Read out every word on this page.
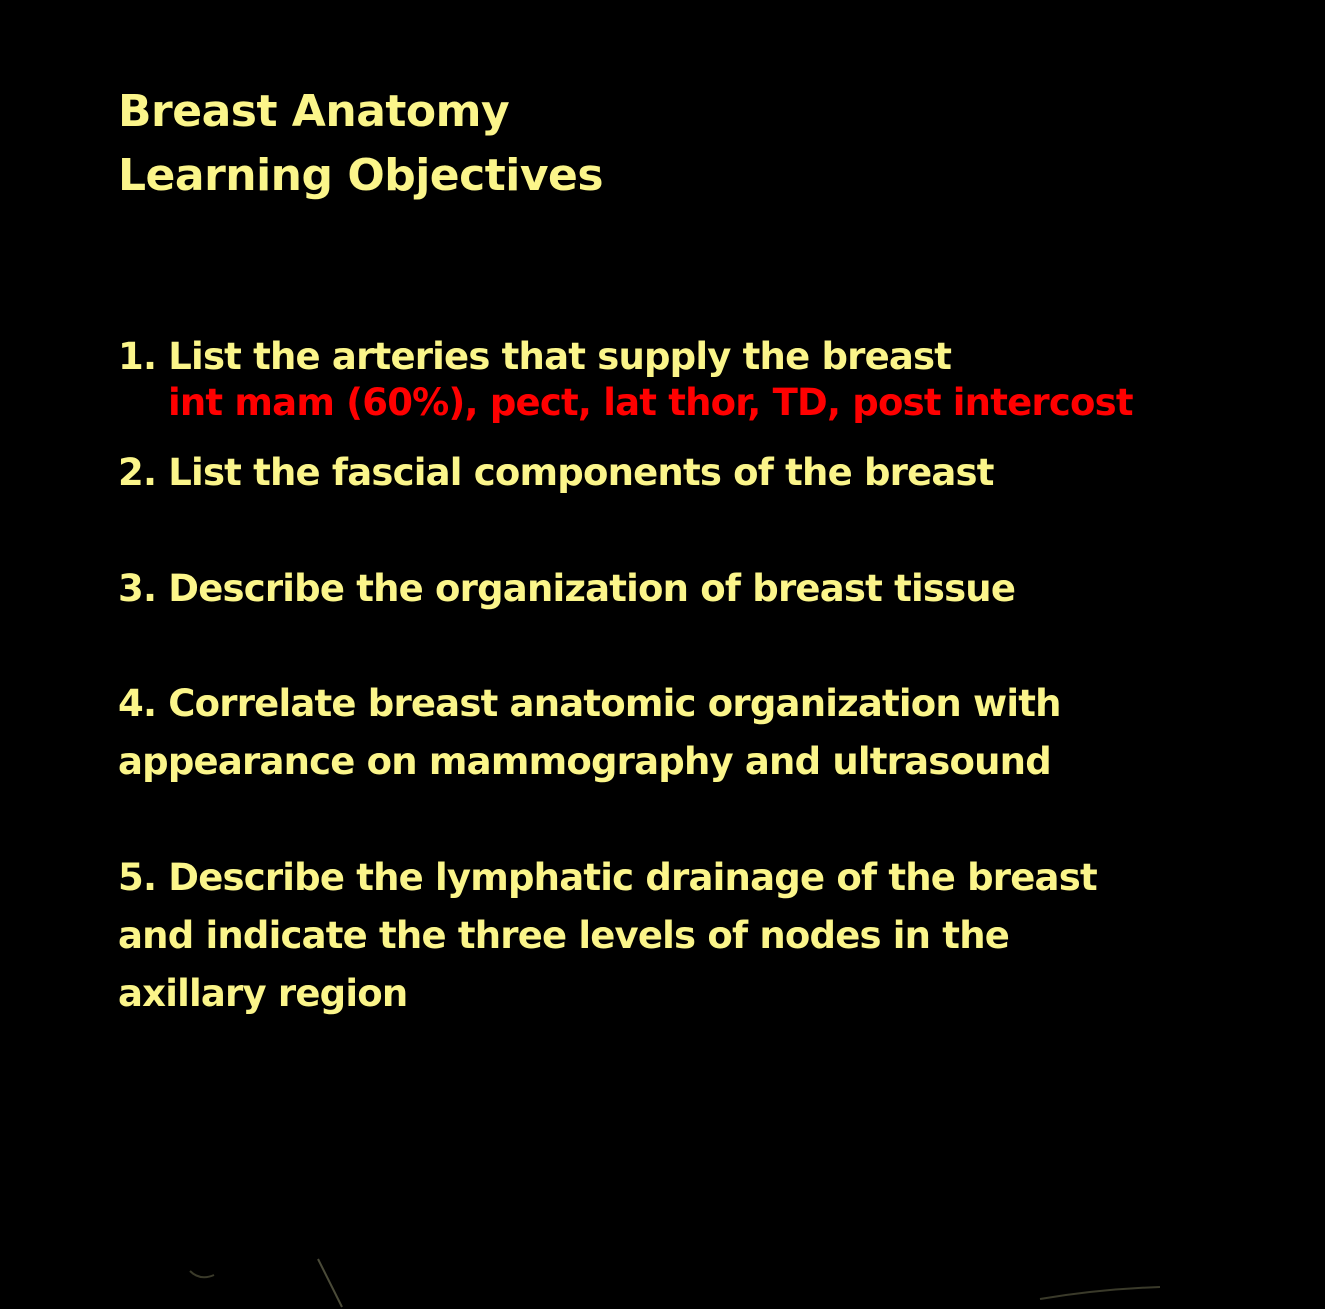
Breast Anatomy
Learning Objectives
1. List the arteries that supply the breast
int mam (60%), pect, lat thor, TD, post intercost
2. List the fascial components of the breast
3. Describe the organization of breast tissue
4. Correlate breast anatomic organization with
appearance on mammography and ultrasound
5. Describe the lymphatic drainage of the breast
and indicate the three levels of nodes in the
axillary region
